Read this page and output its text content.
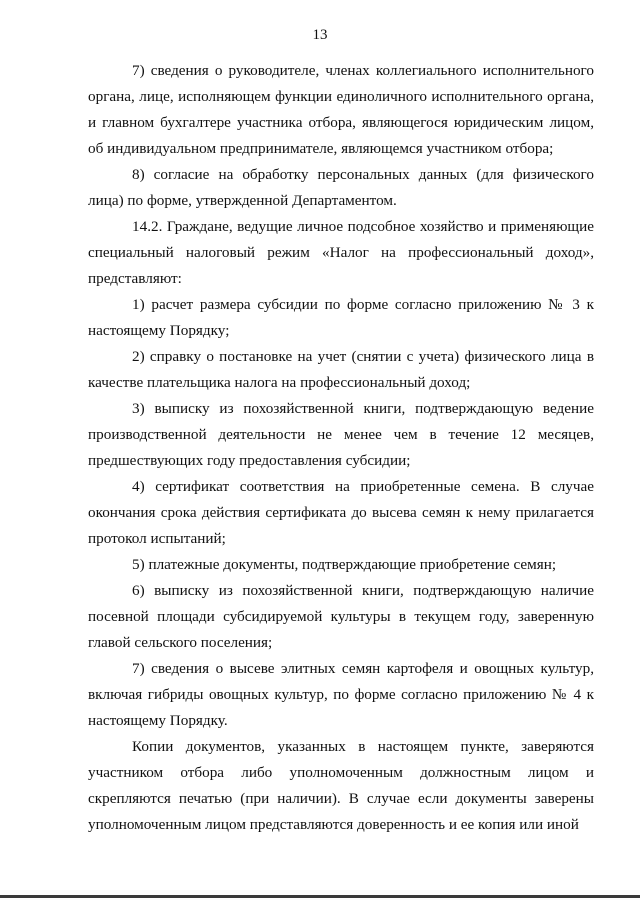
13

7) сведения о руководителе, членах коллегиального исполнительного органа, лице, исполняющем функции единоличного исполнительного органа, и главном бухгалтере участника отбора, являющегося юридическим лицом, об индивидуальном предпринимателе, являющемся участником отбора;

8) согласие на обработку персональных данных (для физического лица) по форме, утвержденной Департаментом.

14.2. Граждане, ведущие личное подсобное хозяйство и применяющие специальный налоговый режим «Налог на профессиональный доход», представляют:

1) расчет размера субсидии по форме согласно приложению № 3 к настоящему Порядку;

2) справку о постановке на учет (снятии с учета) физического лица в качестве плательщика налога на профессиональный доход;

3) выписку из похозяйственной книги, подтверждающую ведение производственной деятельности не менее чем в течение 12 месяцев, предшествующих году предоставления субсидии;

4) сертификат соответствия на приобретенные семена. В случае окончания срока действия сертификата до высева семян к нему прилагается протокол испытаний;

5) платежные документы, подтверждающие приобретение семян;

6) выписку из похозяйственной книги, подтверждающую наличие посевной площади субсидируемой культуры в текущем году, заверенную главой сельского поселения;

7) сведения о высеве элитных семян картофеля и овощных культур, включая гибриды овощных культур, по форме согласно приложению № 4 к настоящему Порядку.

Копии документов, указанных в настоящем пункте, заверяются участником отбора либо уполномоченным должностным лицом и скрепляются печатью (при наличии). В случае если документы заверены уполномоченным лицом представляются доверенность и ее копия или иной
